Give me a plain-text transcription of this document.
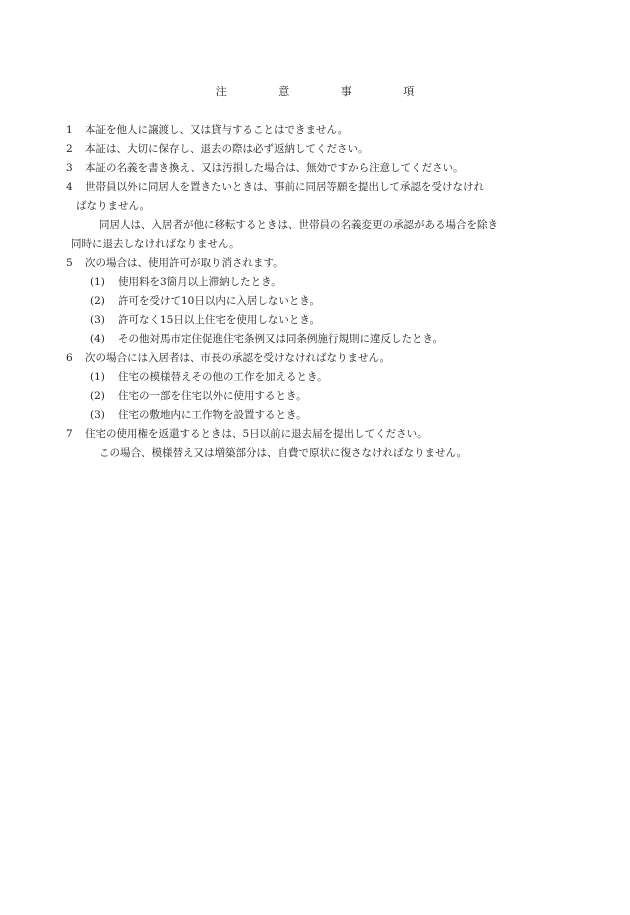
注	意	事	項
1 本証を他人に譲渡し、又は貸与することはできません。
2 本証は、大切に保存し、退去の際は必ず返納してください。
3 本証の名義を書き換え、又は汚損した場合は、無効ですから注意してください。
4 世帯員以外に同居人を置きたいときは、事前に同居等願を提出して承認を受けなけれ
ばなりません。
同居人は、入居者が他に移転するときは、世帯員の名義変更の承認がある場合を除き
同時に退去しなければなりません。
5 次の場合は、使用許可が取り消されます。
(1) 使用料を3箇月以上滞納したとき。
(2) 許可を受けて10日以内に入居しないとき。
(3) 許可なく15日以上住宅を使用しないとき。
(4) その他対馬市定住促進住宅条例又は同条例施行規則に違反したとき。
6 次の場合には入居者は、市長の承認を受けなければなりません。
(1) 住宅の模様替えその他の工作を加えるとき。
(2) 住宅の一部を住宅以外に使用するとき。
(3) 住宅の敷地内に工作物を設置するとき。
7 住宅の使用権を返還するときは、5日以前に退去届を提出してください。
この場合、模様替え又は増築部分は、自費で原状に復さなければなりません。
